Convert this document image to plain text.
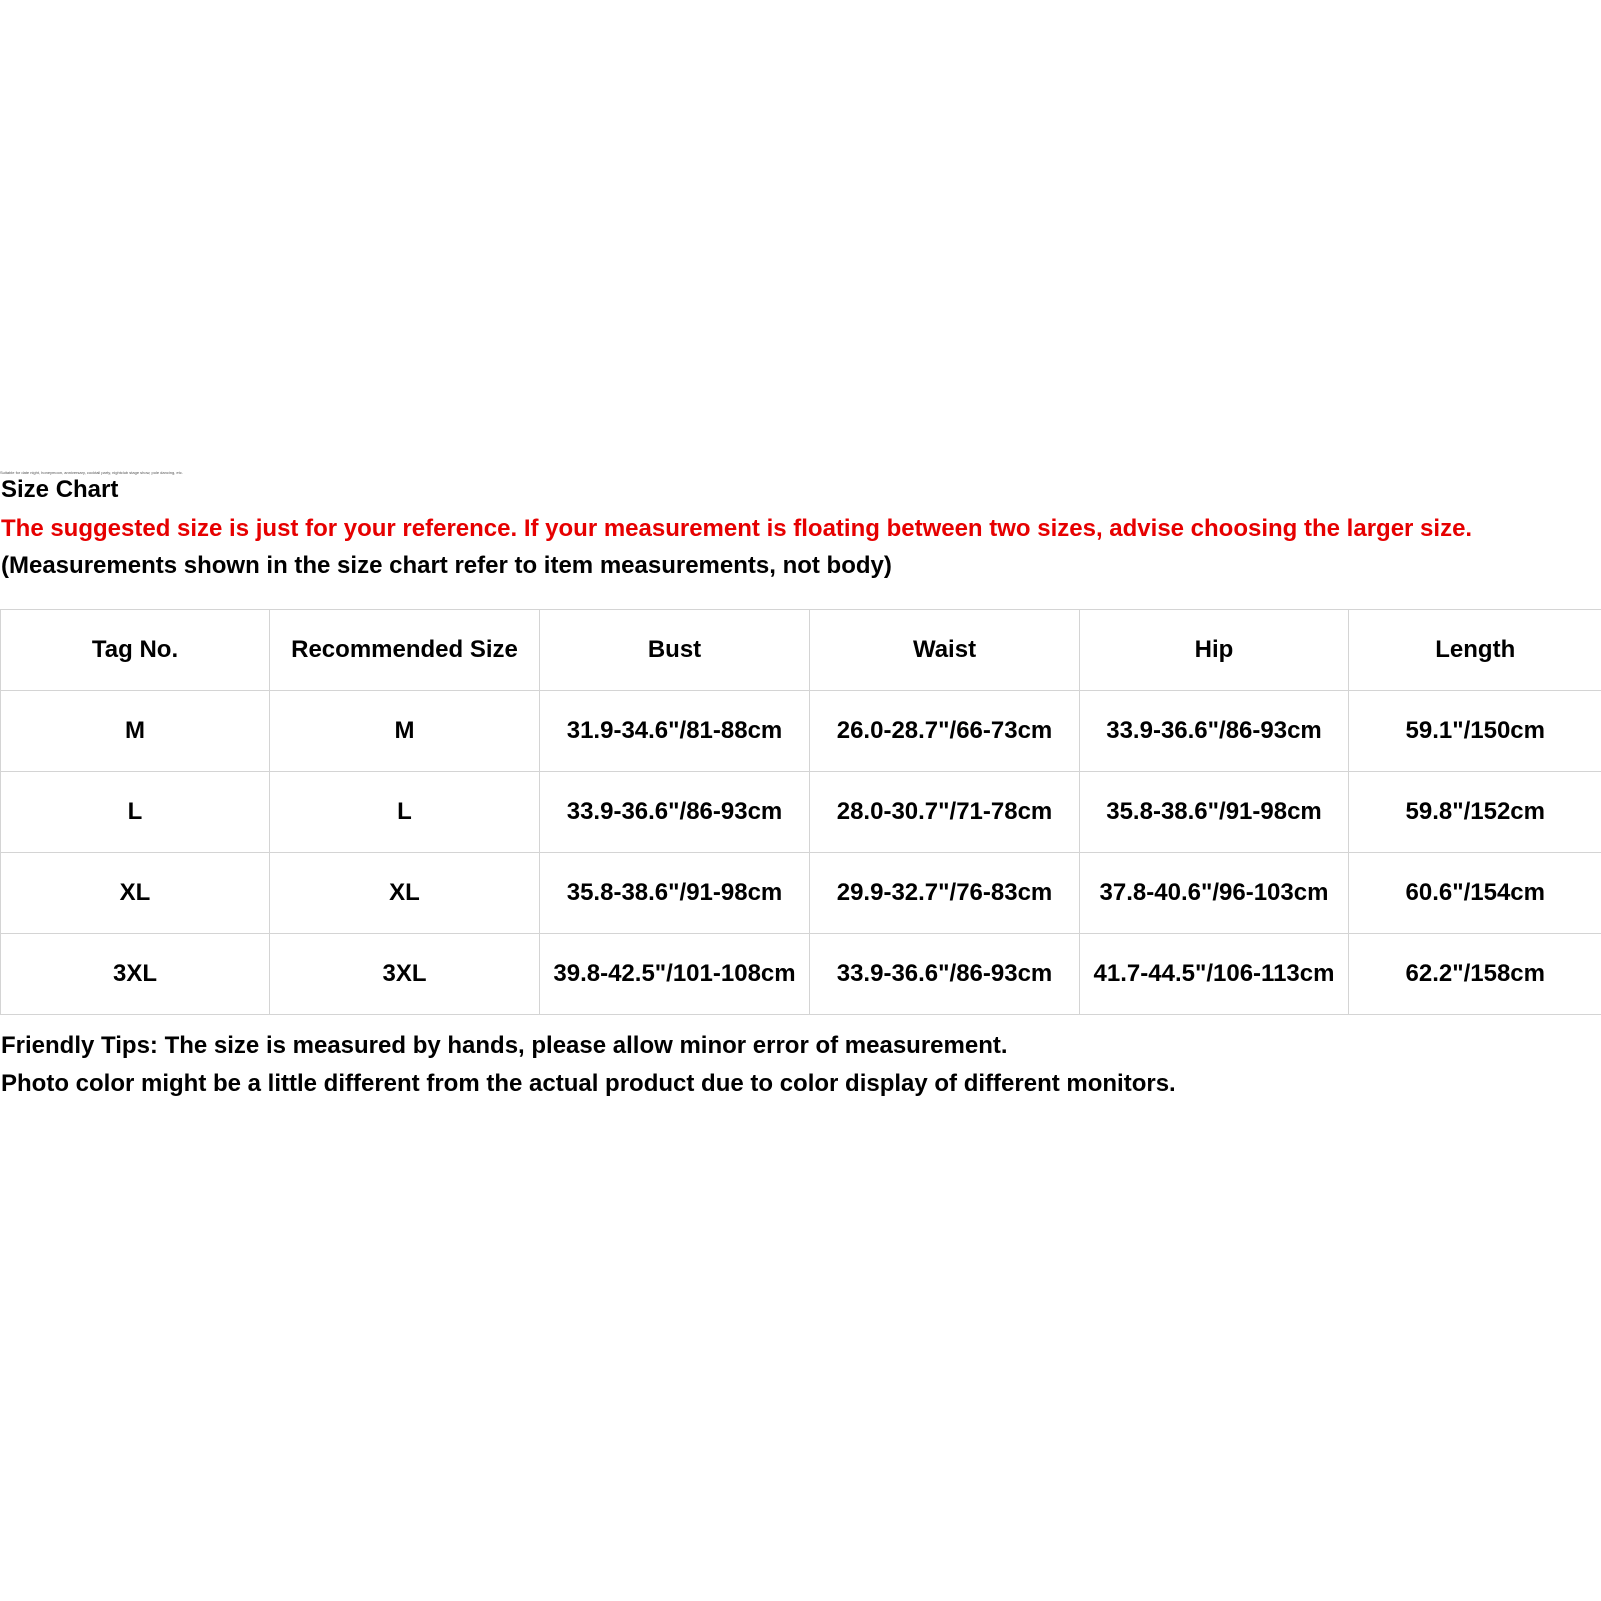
Suitable for date night, honeymoon, anniversary, cocktail party, nightclub stage show, pole dancing, etc.
Size Chart
The suggested size is just for your reference. If your measurement is floating between two sizes, advise choosing the larger size.
(Measurements shown in the size chart refer to item measurements, not body)
Tag No.	Recommended Size	Bust	Waist	Hip	Length
M	M	31.9-34.6"/81-88cm	26.0-28.7"/66-73cm	33.9-36.6"/86-93cm	59.1"/150cm
L	L	33.9-36.6"/86-93cm	28.0-30.7"/71-78cm	35.8-38.6"/91-98cm	59.8"/152cm
XL	XL	35.8-38.6"/91-98cm	29.9-32.7"/76-83cm	37.8-40.6"/96-103cm	60.6"/154cm
3XL	3XL	39.8-42.5"/101-108cm	33.9-36.6"/86-93cm	41.7-44.5"/106-113cm	62.2"/158cm
Friendly Tips: The size is measured by hands, please allow minor error of measurement.
Photo color might be a little different from the actual product due to color display of different monitors.
